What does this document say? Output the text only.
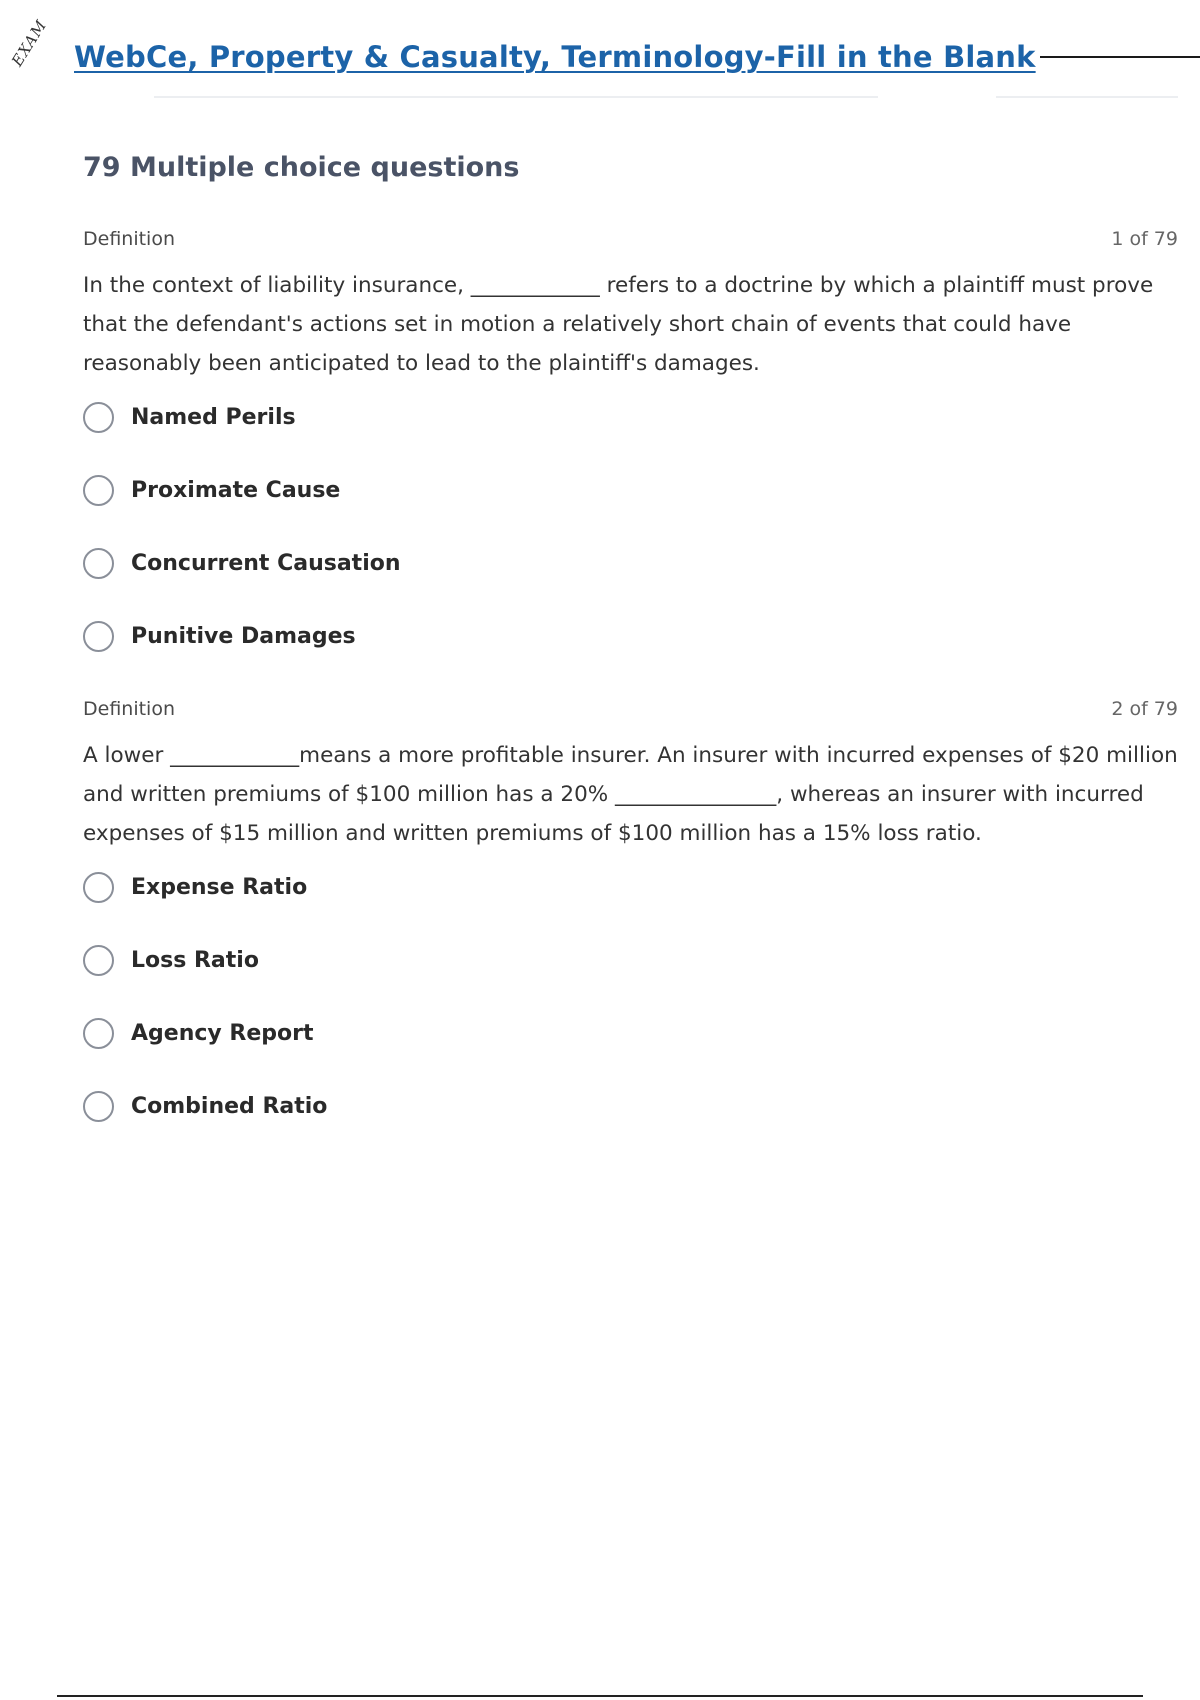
EXAM WebCe, Property & Casualty, Terminology-Fill in the Blank
79 Multiple choice questions
Definition	1 of 79
In the context of liability insurance, ____________ refers to a doctrine by which a plaintiff must prove that the defendant's actions set in motion a relatively short chain of events that could have reasonably been anticipated to lead to the plaintiff's damages.
Named Perils
Proximate Cause
Concurrent Causation
Punitive Damages
Definition	2 of 79
A lower ____________means a more profitable insurer. An insurer with incurred expenses of $20 million and written premiums of $100 million has a 20% _______________, whereas an insurer with incurred expenses of $15 million and written premiums of $100 million has a 15% loss ratio.
Expense Ratio
Loss Ratio
Agency Report
Combined Ratio
